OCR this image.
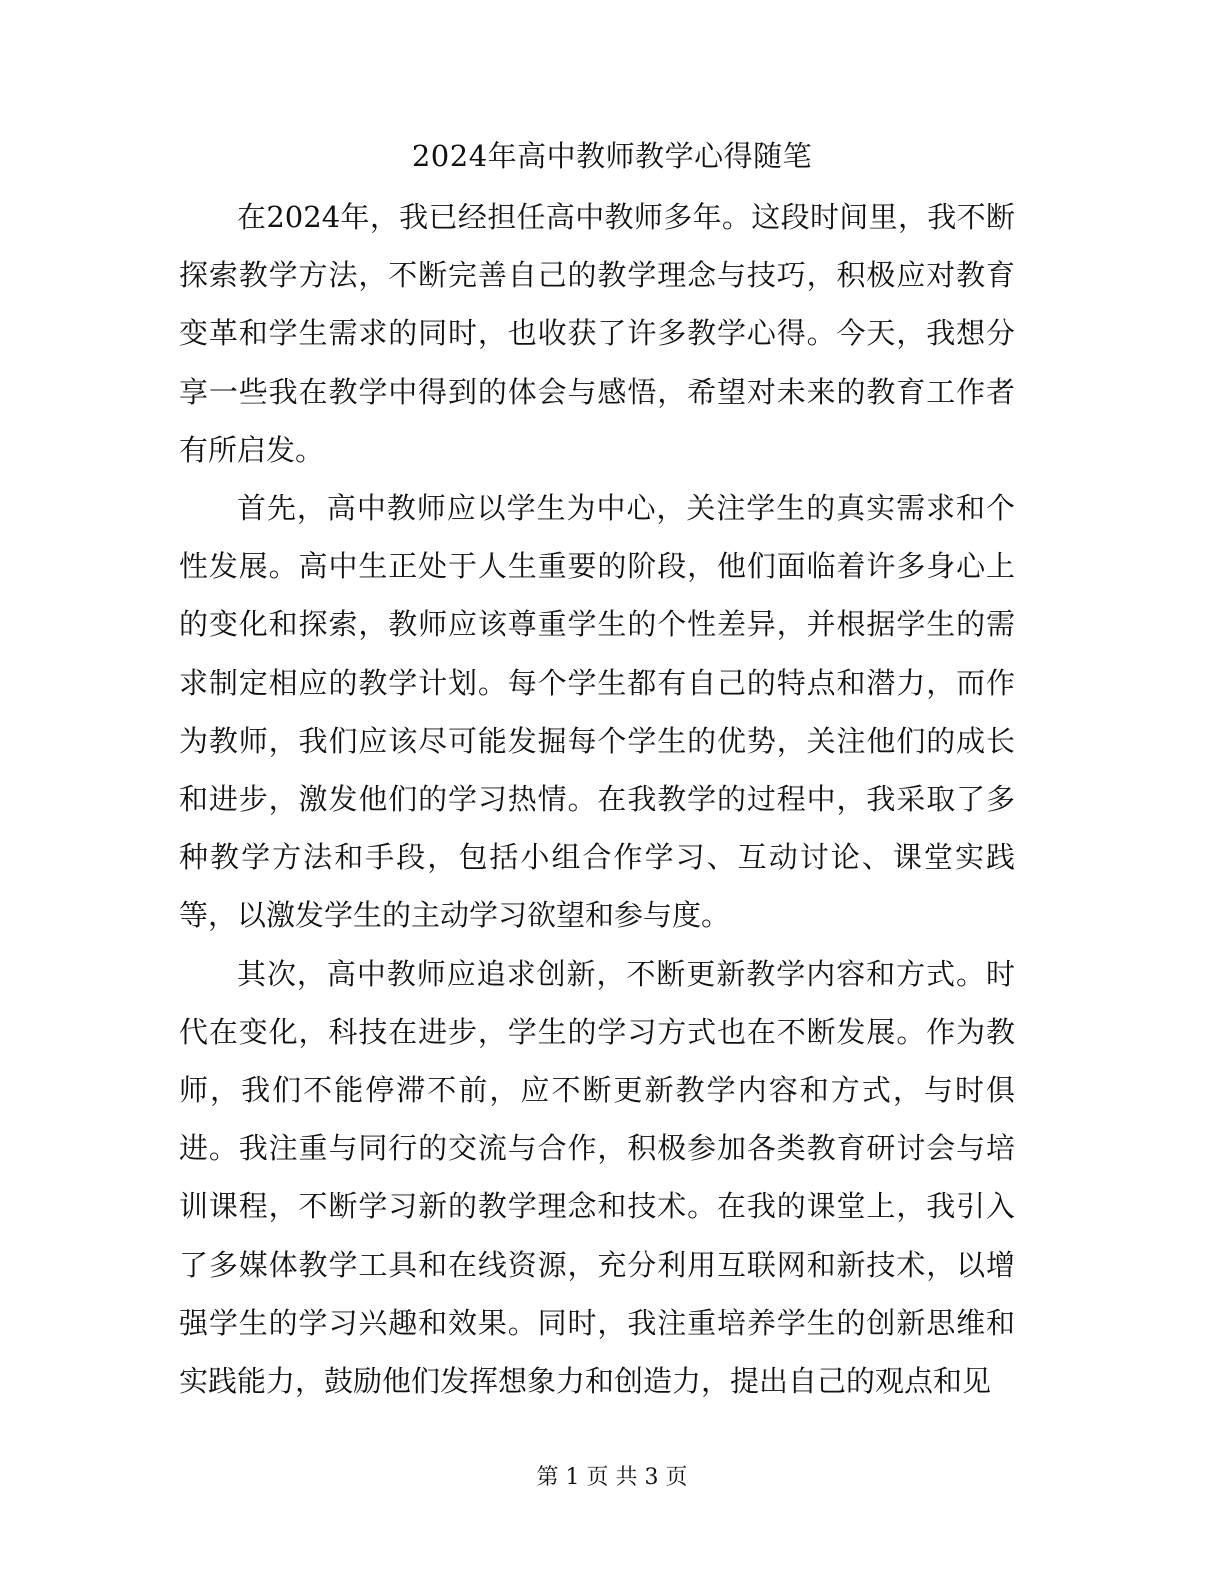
2024年高中教师教学心得随笔

在2024年，我已经担任高中教师多年。这段时间里，我不断探索教学方法，不断完善自己的教学理念与技巧，积极应对教育变革和学生需求的同时，也收获了许多教学心得。今天，我想分享一些我在教学中得到的体会与感悟，希望对未来的教育工作者有所启发。

首先，高中教师应以学生为中心，关注学生的真实需求和个性发展。高中生正处于人生重要的阶段，他们面临着许多身心上的变化和探索，教师应该尊重学生的个性差异，并根据学生的需求制定相应的教学计划。每个学生都有自己的特点和潜力，而作为教师，我们应该尽可能发掘每个学生的优势，关注他们的成长和进步，激发他们的学习热情。在我教学的过程中，我采取了多种教学方法和手段，包括小组合作学习、互动讨论、课堂实践等，以激发学生的主动学习欲望和参与度。

其次，高中教师应追求创新，不断更新教学内容和方式。时代在变化，科技在进步，学生的学习方式也在不断发展。作为教师，我们不能停滞不前，应不断更新教学内容和方式，与时俱进。我注重与同行的交流与合作，积极参加各类教育研讨会与培训课程，不断学习新的教学理念和技术。在我的课堂上，我引入了多媒体教学工具和在线资源，充分利用互联网和新技术，以增强学生的学习兴趣和效果。同时，我注重培养学生的创新思维和实践能力，鼓励他们发挥想象力和创造力，提出自己的观点和见

第 1 页 共 3 页
